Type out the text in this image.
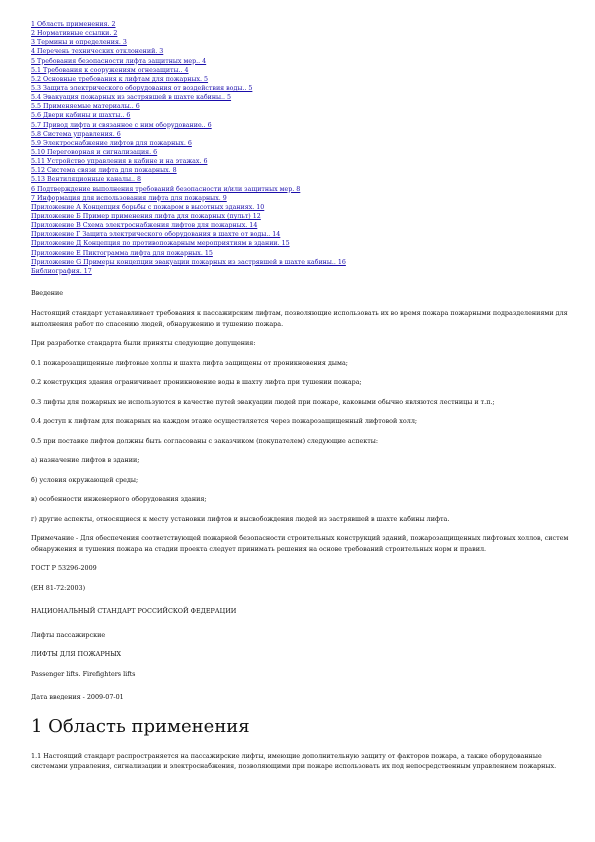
1 Область применения. 2
2 Нормативные ссылки. 2
3 Термины и определения. 3
4 Перечень технических отклонений. 3
5 Требования безопасности лифта защитных мер.. 4
5.1 Требования к сооружениям огнезащиты.. 4
5.2 Основные требования к лифтам для пожарных. 5
5.3 Защита электрического оборудования от воздействия воды.. 5
5.4 Эвакуация пожарных из застрявшей в шахте кабины.. 5
5.5 Применяемые материалы.. 6
5.6 Двери кабины и шахты.. 6
5.7 Привод лифта и связанное с ним оборудование.. 6
5.8 Система управления. 6
5.9 Электроснабжение лифтов для пожарных. 6
5.10 Переговорная и сигнализация. 6
5.11 Устройство управления в кабине и на этажах. 6
5.12 Система связи лифта для пожарных. 8
5.13 Вентиляционные каналы.. 8
6 Подтверждение выполнения требований безопасности и/или защитных мер. 8
7 Информация для использования лифта для пожарных. 9
Приложение А Концепция борьбы с пожаром в высотных зданиях. 10
Приложение Б Пример применения лифта для пожарных (пульт) 12
Приложение В Схема электроснабжения лифтов для пожарных. 14
Приложение Г Защита электрического оборудования в шахте от воды.. 14
Приложение Д Концепция по противопожарным мероприятиям в здании. 15
Приложение Е Пиктограмма лифта для пожарных. 15
Приложение G Примеры концепции эвакуации пожарных из застрявшей в шахте кабины.. 16
Библиография. 17

Введение

Настоящий стандарт устанавливает требования к пассажирским лифтам, позволяющие использовать их во время пожара пожарными подразделениями для выполнения работ по спасению людей, обнаружению и тушению пожара.

При разработке стандарта были приняты следующие допущения:

0.1 пожарозащищенные лифтовые холлы и шахта лифта защищены от проникновения дыма;

0.2 конструкция здания ограничивает проникновение воды в шахту лифта при тушении пожара;

0.3 лифты для пожарных не используются в качестве путей эвакуации людей при пожаре, каковыми обычно являются лестницы и т.п.;

0.4 доступ к лифтам для пожарных на каждом этаже осуществляется через пожарозащищенный лифтовой холл;

0.5 при поставке лифтов должны быть согласованы с заказчиком (покупателем) следующие аспекты:

а) назначение лифтов в здании;

б) условия окружающей среды;

в) особенности инженерного оборудования здания;

г) другие аспекты, относящиеся к месту установки лифтов и высвобождения людей из застрявшей в шахте кабины лифта.

Примечание - Для обеспечения соответствующей пожарной безопасности строительных конструкций зданий, пожарозащищенных лифтовых холлов, систем обнаружения и тушения пожара на стадии проекта следует принимать решения на основе требований строительных норм и правил.

ГОСТ Р 53296-2009

(ЕН 81-72:2003)

НАЦИОНАЛЬНЫЙ СТАНДАРТ РОССИЙСКОЙ ФЕДЕРАЦИИ

Лифты пассажирские

ЛИФТЫ ДЛЯ ПОЖАРНЫХ

Passenger lifts. Firefighters lifts

Дата введения - 2009-07-01

1 Область применения

1.1 Настоящий стандарт распространяется на пассажирские лифты, имеющие дополнительную защиту от факторов пожара, а также оборудованные системами управления, сигнализации и электроснабжения, позволяющими при пожаре использовать их под непосредственным управлением пожарных.
